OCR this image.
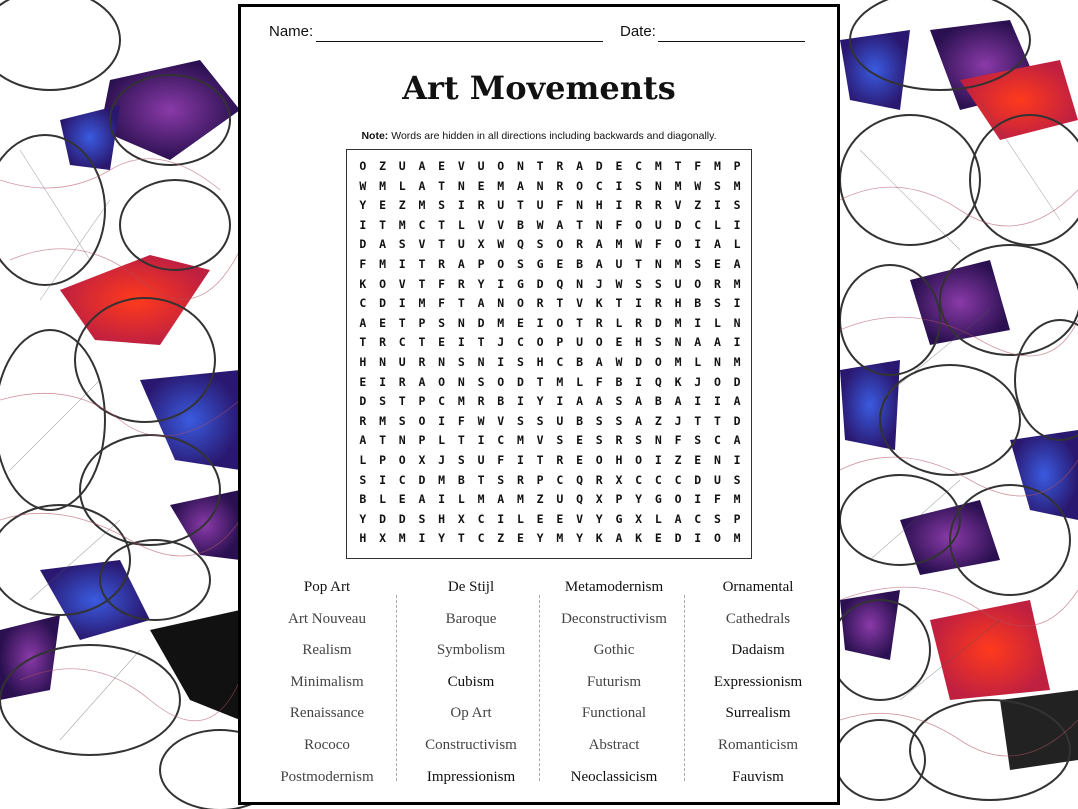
Name:	Date:
Art Movements
Note: Words are hidden in all directions including backwards and diagonally.
O	Z	U	A	E	V	U	O	N	T	R	A	D	E	C	M	T	F	M	P
W	M	L	A	T	N	E	M	A	N	R	O	C	I	S	N	M	W	S	M
Y	E	Z	M	S	I	R	U	T	U	F	N	H	I	R	R	V	Z	I	S
I	T	M	C	T	L	V	V	B	W	A	T	N	F	O	U	D	C	L	I
D	A	S	V	T	U	X	W	Q	S	O	R	A	M	W	F	O	I	A	L
F	M	I	T	R	A	P	O	S	G	E	B	A	U	T	N	M	S	E	A
K	O	V	T	F	R	Y	I	G	D	Q	N	J	W	S	S	U	O	R	M
C	D	I	M	F	T	A	N	O	R	T	V	K	T	I	R	H	B	S	I
A	E	T	P	S	N	D	M	E	I	O	T	R	L	R	D	M	I	L	N
T	R	C	T	E	I	T	J	C	O	P	U	O	E	H	S	N	A	A	I
H	N	U	R	N	S	N	I	S	H	C	B	A	W	D	O	M	L	N	M
E	I	R	A	O	N	S	O	D	T	M	L	F	B	I	Q	K	J	O	D
D	S	T	P	C	M	R	B	I	Y	I	A	A	S	A	B	A	I	I	A
R	M	S	O	I	F	W	V	S	S	U	B	S	S	A	Z	J	T	T	D
A	T	N	P	L	T	I	C	M	V	S	E	S	R	S	N	F	S	C	A
L	P	O	X	J	S	U	F	I	T	R	E	O	H	O	I	Z	E	N	I
S	I	C	D	M	B	T	S	R	P	C	Q	R	X	C	C	C	D	U	S
B	L	E	A	I	L	M	A	M	Z	U	Q	X	P	Y	G	O	I	F	M
Y	D	D	S	H	X	C	I	L	E	E	V	Y	G	X	L	A	C	S	P
H	X	M	I	Y	T	C	Z	E	Y	M	Y	K	A	K	E	D	I	O	M
Pop Art
Art Nouveau
Realism
Minimalism
Renaissance
Rococo
Postmodernism
De Stijl
Baroque
Symbolism
Cubism
Op Art
Constructivism
Impressionism
Metamodernism
Deconstructivism
Gothic
Futurism
Functional
Abstract
Neoclassicism
Ornamental
Cathedrals
Dadaism
Expressionism
Surrealism
Romanticism
Fauvism
